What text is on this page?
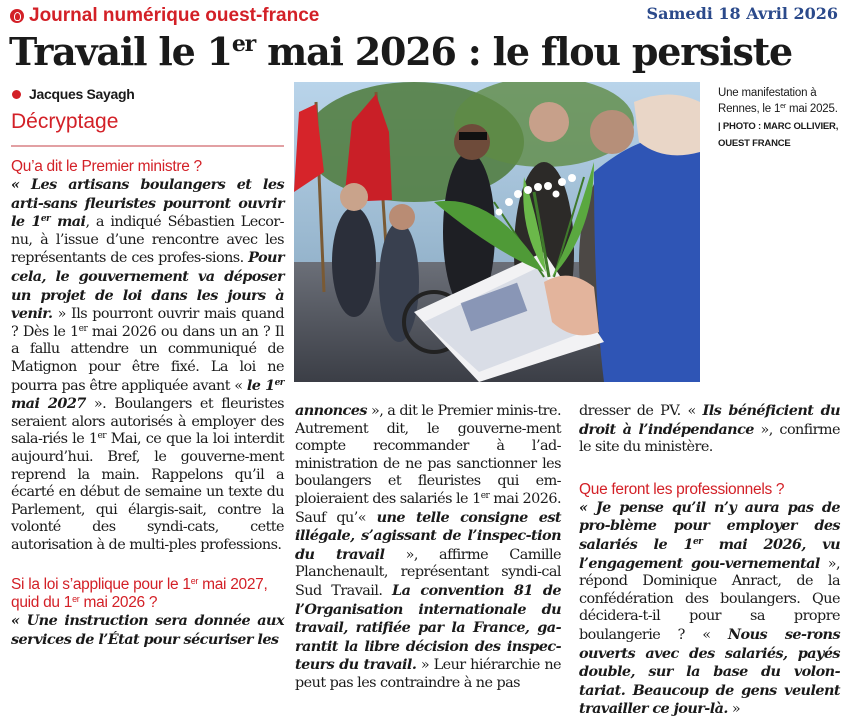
Journal numérique ouest-france	Samedi 18 Avril 2026
Travail le 1er mai 2026 : le flou persiste
Jacques Sayagh
Décryptage
Une manifestation à Rennes, le 1er mai 2025. | PHOTO : MARC OLLIVIER, OUEST FRANCE

Qu’a dit le Premier ministre ?

« Les artisans boulangers et les arti-sans fleuristes pourront ouvrir le 1er mai, a indiqué Sébastien Lecor-nu, à l’issue d’une rencontre avec les représentants de ces profes-sions. Pour cela, le gouvernement va déposer un projet de loi dans les jours à venir. » Ils pourront ouvrir mais quand ? Dès le 1er mai 2026 ou dans un an ? Il a fallu attendre un communiqué de Matignon pour être fixé. La loi ne pourra pas être appliquée avant « le 1er mai 2027 ». Boulangers et fleuristes seraient alors autorisés à employer des sala-riés le 1er Mai, ce que la loi interdit aujourd’hui. Bref, le gouverne-ment reprend la main. Rappelons qu’il a écarté en début de semaine un texte du Parlement, qui élargis-sait, contre la volonté des syndi-cats, cette autorisation à de multi-ples professions.

Si la loi s’applique pour le 1er mai 2027, quid du 1er mai 2026 ?

« Une instruction sera donnée aux services de l’État pour sécuriser les

annonces », a dit le Premier minis-tre. Autrement dit, le gouverne-ment compte recommander à l’ad-ministration de ne pas sanctionner les boulangers et fleuristes qui em-ploieraient des salariés le 1er mai 2026. Sauf qu’« une telle consigne est illégale, s’agissant de l’inspec-tion du travail », affirme Camille Planchenault, représentant syndi-cal Sud Travail. La convention 81 de l’Organisation internationale du travail, ratifiée par la France, ga-rantit la libre décision des inspec-teurs du travail. » Leur hiérarchie ne peut pas les contraindre à ne pas

dresser de PV. « Ils bénéficient du droit à l’indépendance », confirme le site du ministère.

Que feront les professionnels ?

« Je pense qu’il n’y aura pas de pro-blème pour employer des salariés le 1er mai 2026, vu l’engagement gou-vernemental », répond Dominique Anract, de la confédération des boulangers. Que décidera-t-il pour sa propre boulangerie ? « Nous se-rons ouverts avec des salariés, payés double, sur la base du volon-tariat. Beaucoup de gens veulent travailler ce jour-là. »
